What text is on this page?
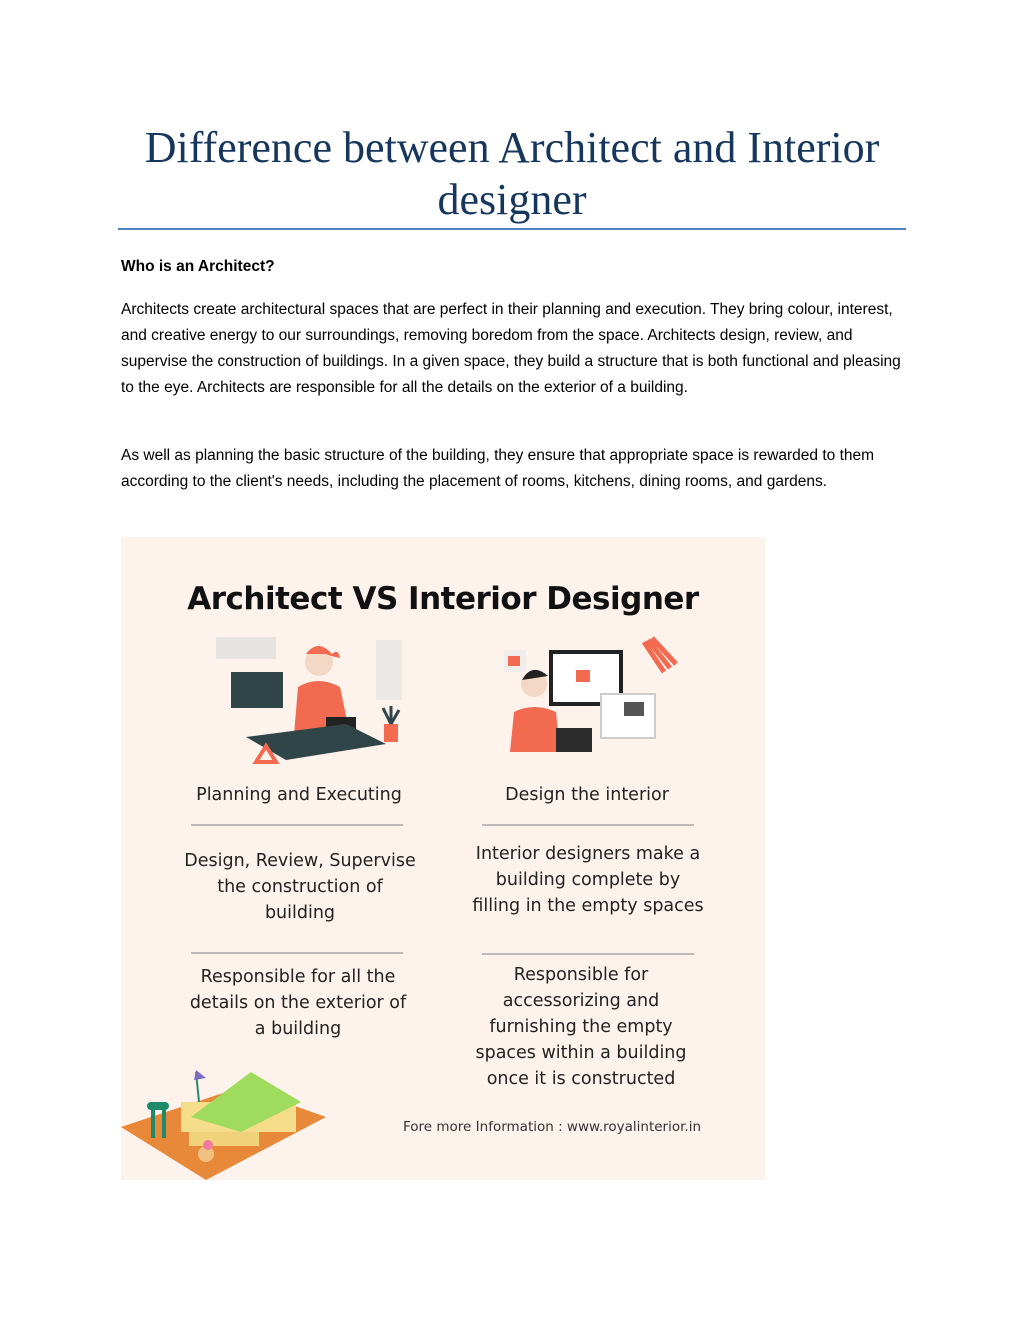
Difference between Architect and Interior designer
Who is an Architect?
Architects create architectural spaces that are perfect in their planning and execution. They bring colour, interest, and creative energy to our surroundings, removing boredom from the space. Architects design, review, and supervise the construction of buildings. In a given space, they build a structure that is both functional and pleasing to the eye. Architects are responsible for all the details on the exterior of a building.
As well as planning the basic structure of the building, they ensure that appropriate space is rewarded to them according to the client's needs, including the placement of rooms, kitchens, dining rooms, and gardens.
Architect VS Interior Designer
Planning and Executing	Design the interior
Design, Review, Supervise the construction of building
Interior designers make a building complete by filling in the empty spaces
Responsible for all the details on the exterior of a building
Responsible for accessorizing and furnishing the empty spaces within a building once it is constructed
Fore more Information : www.royalinterior.in
